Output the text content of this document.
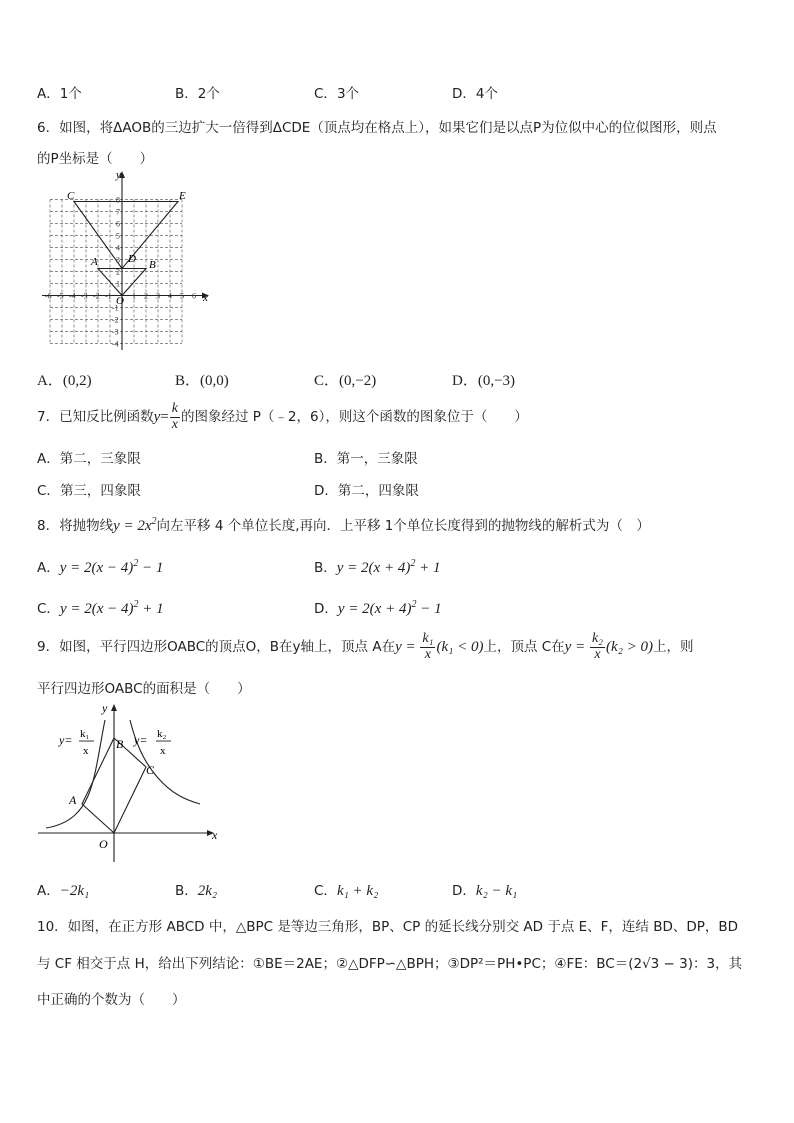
A．1个	B．2个	C．3个	D．4个
6．如图，将ΔAOB的三边扩大一倍得到ΔCDE（顶点均在格点上），如果它们是以点P为位似中心的位似图形，则点
的P坐标是（　　）
-6 -5 -4 -3 -2 -1	1 2 3 4 5 6
8
7
6
5
4
3
2
1
-1
-2
-3
-4
x
y
O
C	E
D
A	B
A．(0,2)	B．(0,0)	C．(0,−2)	D．(0,−3)
7．已知反比例函数$y= \frac{k}{x}$ 的图象经过 P（﹣2，6），则这个函数的图象位于（　　）
A．第二，三象限	B．第一，三象限
C．第三，四象限	D．第二，四象限
8．将抛物线$y = 2x^2$向左平移 4 个单位长度,再向．上平移 1个单位长度得到的抛物线的解析式为（　）
A．$y = 2(x - 4)^2 - 1$	B．$y = 2(x + 4)^2 + 1$
C．$y = 2(x - 4)^2 + 1$	D．$y = 2(x + 4)^2 - 1$
9．如图，平行四边形OABC的顶点O，B在y轴上，顶点 A在$y = \frac{\text{k₁}}{x} (k_1 < 0)$上，顶点 C在$y = \frac{\text{k₂}}{x} (k_2 > 0)$上，则
平行四边形OABC的面积是（　　）
y
x
O
A
B
C
y= k₁
x
y= k₂
x
A．−2k₁	B．2k₂	C．k₁ + k₂	D．k₂ − k₁
10．如图，在正方形 ABCD 中，△BPC 是等边三角形，BP、CP 的延长线分别交 AD 于点 E、F，连结 BD、DP，BD
与 CF 相交于点 H，给出下列结论：①BE＝2AE；②△DFP∽△BPH；③DP²＝PH•PC；④FE：BC＝(2√3 − 3)：3，其
中正确的个数为（　　）
